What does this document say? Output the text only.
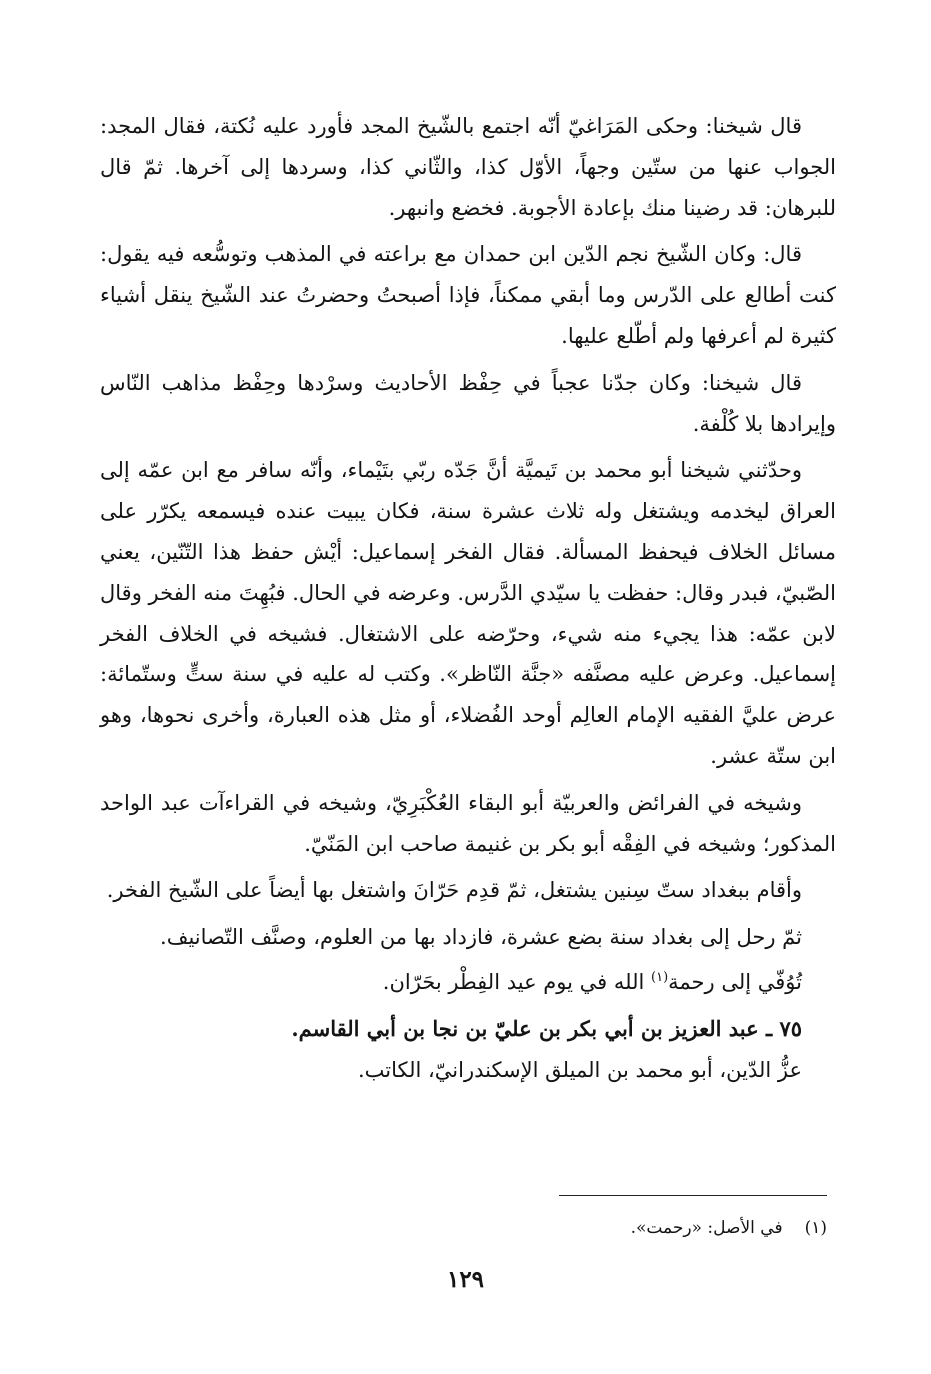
قال شيخنا: وحكى المَرَاغيّ أنّه اجتمع بالشّيخ المجد فأورد عليه نُكتة، فقال المجد: الجواب عنها من ستّين وجهاً، الأوّل كذا، والثّاني كذا، وسردها إلى آخرها. ثمّ قال للبرهان: قد رضينا منك بإعادة الأجوبة. فخضع وانبهر.

قال: وكان الشّيخ نجم الدّين ابن حمدان مع براعته في المذهب وتوسُّعه فيه يقول: كنت أطالع على الدّرس وما أبقي ممكناً، فإذا أصبحتُ وحضرتُ عند الشّيخ ينقل أشياء كثيرة لم أعرفها ولم أطّلع عليها.

قال شيخنا: وكان جدّنا عجباً في حِفْظ الأحاديث وسرْدها وحِفْظ مذاهب النّاس وإيرادها بلا كُلْفة.

وحدّثني شيخنا أبو محمد بن تَيميَّة أنَّ جَدّه ربّي بتَيْماء، وأنّه سافر مع ابن عمّه إلى العراق ليخدمه ويشتغل وله ثلاث عشرة سنة، فكان يبيت عنده فيسمعه يكرّر على مسائل الخلاف فيحفظ المسألة. فقال الفخر إسماعيل: أيْش حفظ هذا التّنّين، يعني الصّبيّ، فبدر وقال: حفظت يا سيّدي الدَّرس. وعرضه في الحال. فبُهِتَ منه الفخر وقال لابن عمّه: هذا يجيء منه شيء، وحرّضه على الاشتغال. فشيخه في الخلاف الفخر إسماعيل. وعرض عليه مصنَّفه «جنَّة النّاظر». وكتب له عليه في سنة ستٍّ وستّمائة: عرض عليَّ الفقيه الإمام العالِم أوحد الفُضلاء، أو مثل هذه العبارة، وأخرى نحوها، وهو ابن ستّة عشر.

وشيخه في الفرائض والعربيّة أبو البقاء العُكْبَرِيّ، وشيخه في القراءآت عبد الواحد المذكور؛ وشيخه في الفِقْه أبو بكر بن غنيمة صاحب ابن المَنّيّ.

وأقام ببغداد ستّ سِنين يشتغل، ثمّ قدِم حَرّانَ واشتغل بها أيضاً على الشّيخ الفخر.

ثمّ رحل إلى بغداد سنة بضع عشرة، فازداد بها من العلوم، وصنَّف التّصانيف.

تُوُفّي إلى رحمة$^{(١)}$ الله في يوم عيد الفِطْر بحَرّان.

٧٥ ـ عبد العزيز بن أبي بكر بن عليّ بن نجا بن أبي القاسم.

عزُّ الدّين، أبو محمد بن الميلق الإسكندرانيّ، الكاتب.

(١)في الأصل: «رحمت».
١٢٩
